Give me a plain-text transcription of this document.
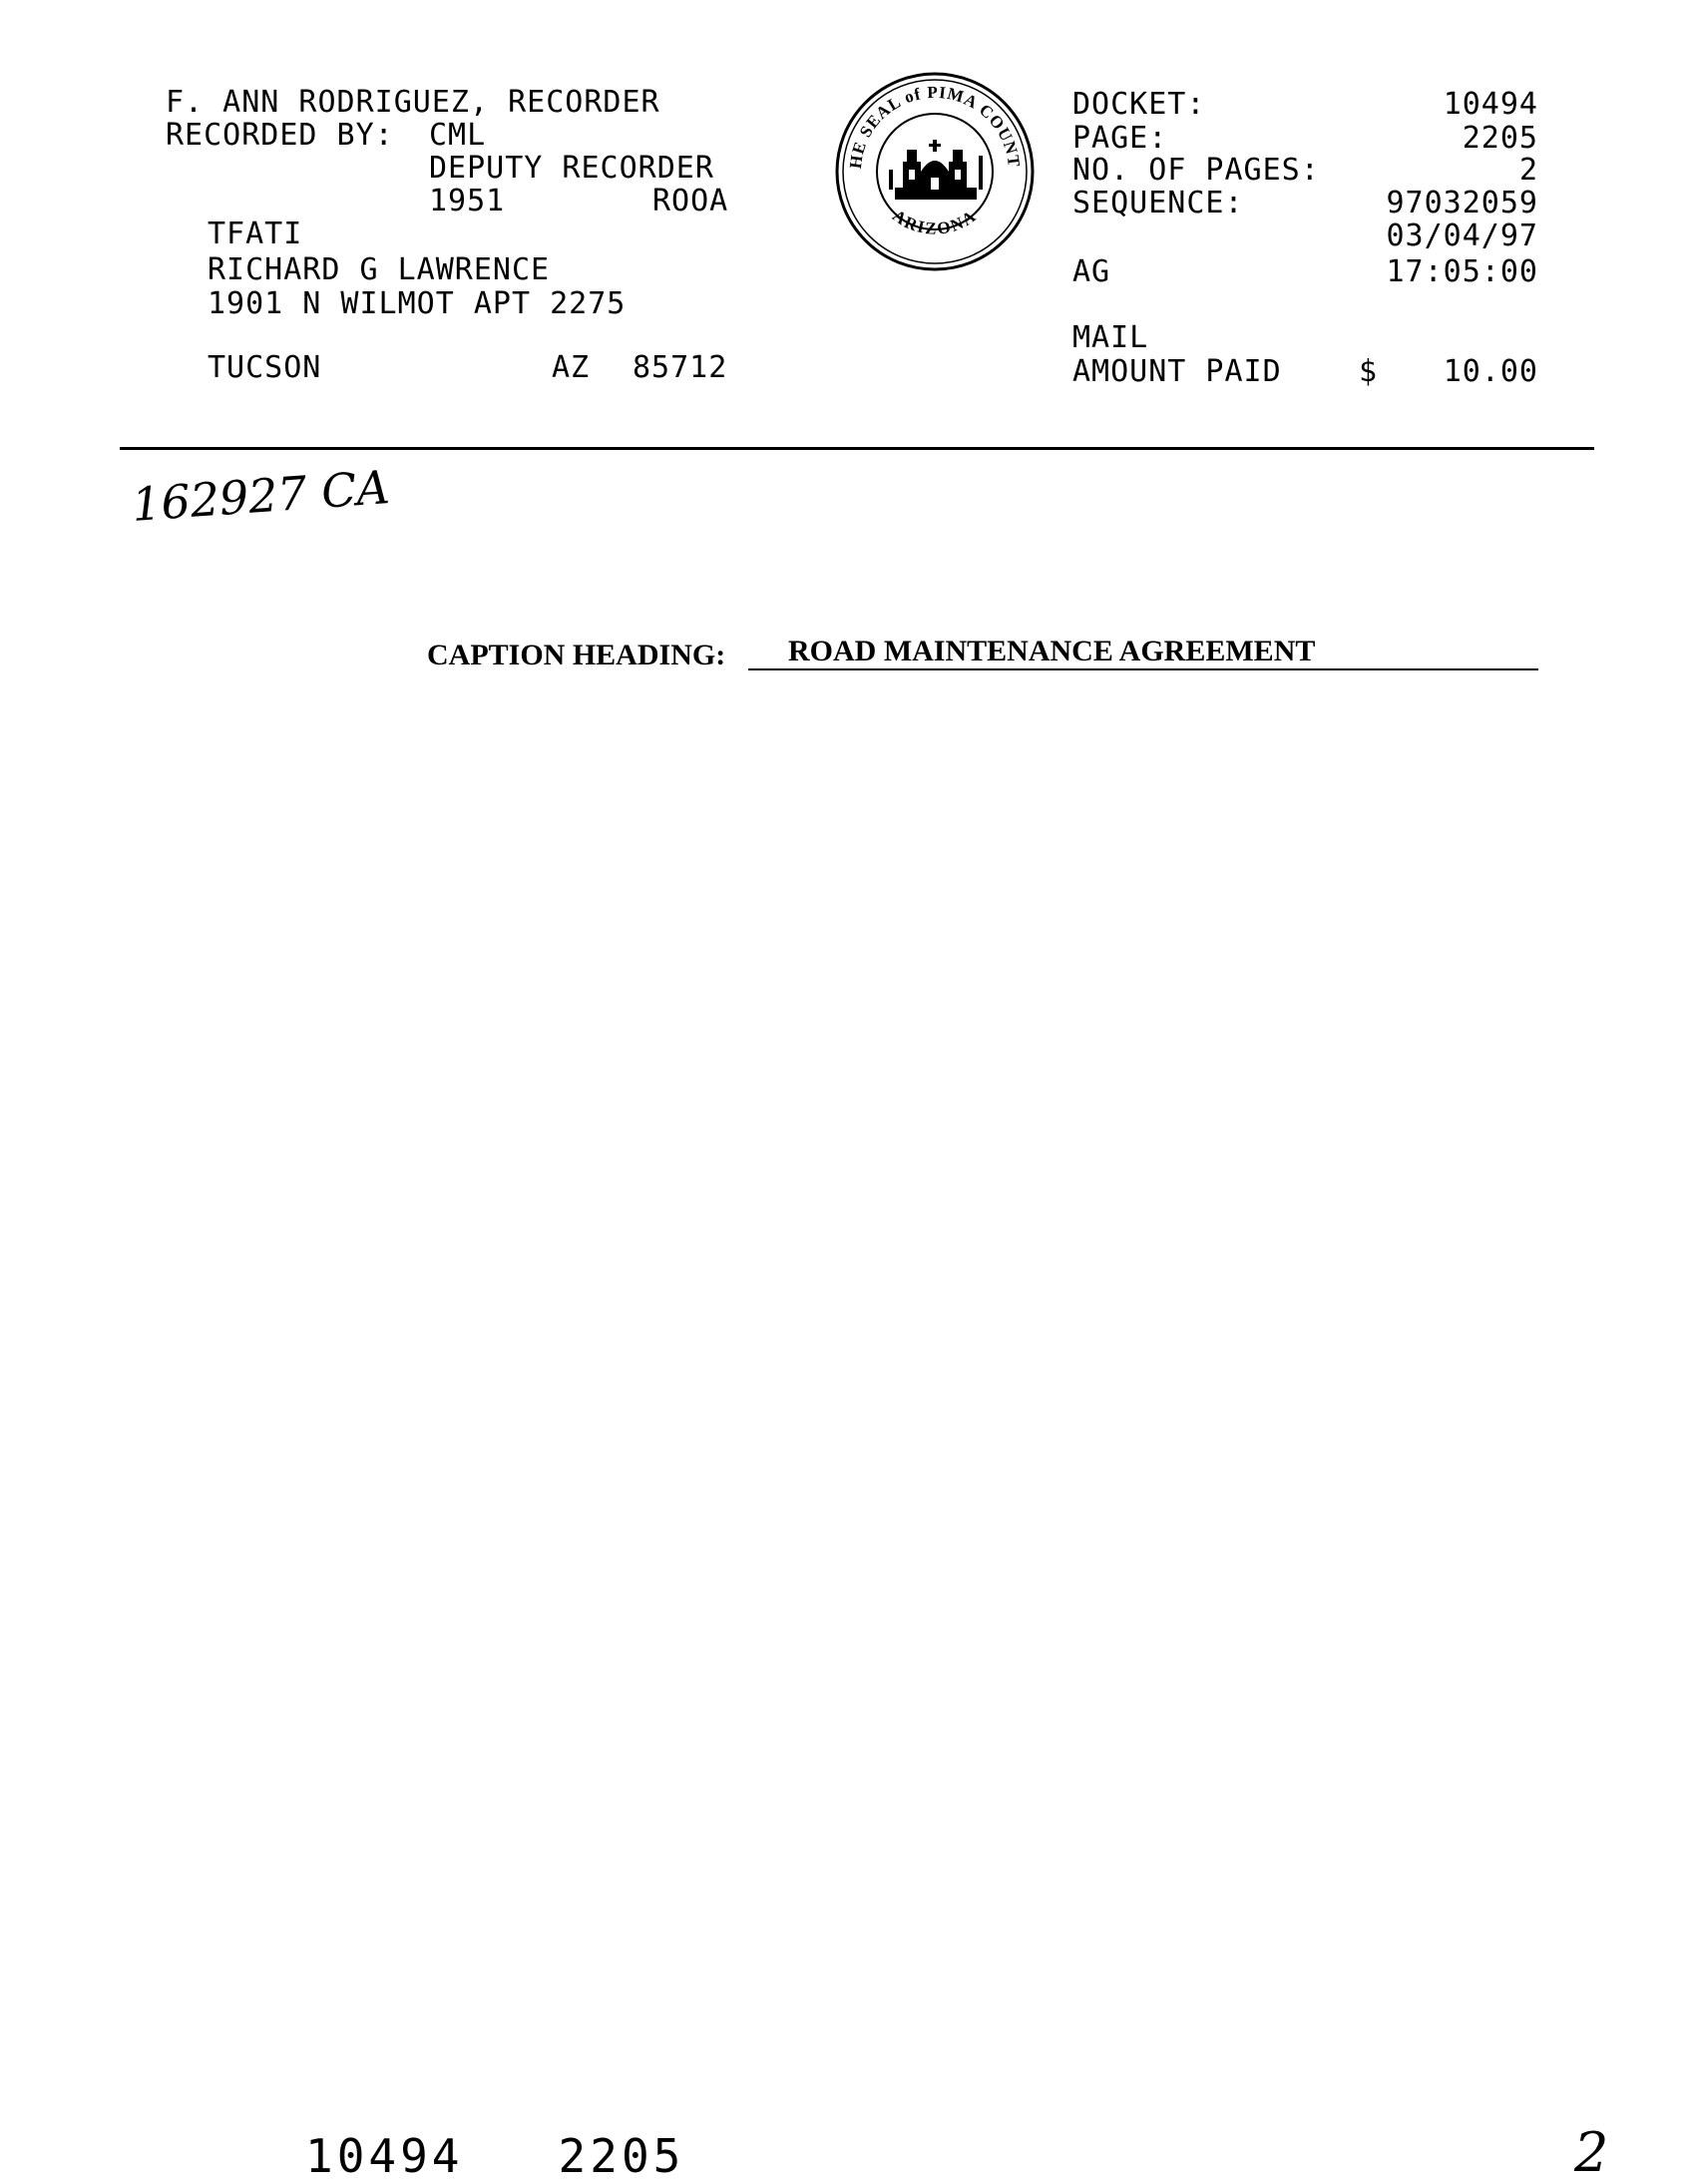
F. ANN RODRIGUEZ, RECORDER
RECORDED BY: CML
DEPUTY RECORDER
1951	ROOA
TFATI
RICHARD G LAWRENCE
1901 N WILMOT APT 2275
TUCSON	AZ 85712
HE SEAL of PIMA COUNT
ARIZONA
DOCKET:	10494
PAGE:	2205
NO. OF PAGES:	2
SEQUENCE:	97032059
03/04/97
AG	17:05:00
MAIL
AMOUNT PAID	$ 10.00
162927 CA
CAPTION HEADING: ROAD MAINTENANCE AGREEMENT
10494   2205	2
